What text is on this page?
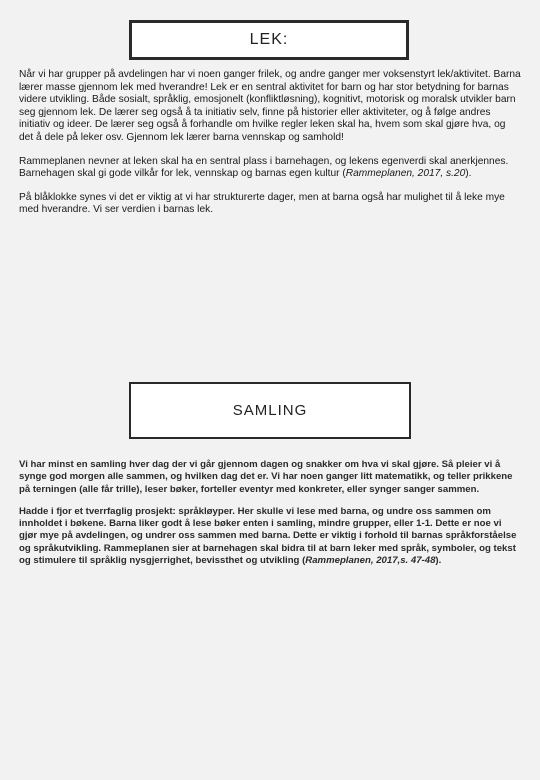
LEK:

Når vi har grupper på avdelingen har vi noen ganger frilek, og andre ganger mer voksenstyrt lek/aktivitet. Barna lærer masse gjennom lek med hverandre! Lek er en sentral aktivitet for barn og har stor betydning for barnas videre utvikling. Både sosialt, språklig, emosjonelt (konfliktløsning), kognitivt, motorisk og moralsk utvikler barn seg gjennom lek. De lærer seg også å ta initiativ selv, finne på historier eller aktiviteter, og å følge andres initiativ og ideer. De lærer seg også å forhandle om hvilke regler leken skal ha, hvem som skal gjøre hva, og det å dele på leker osv. Gjennom lek lærer barna vennskap og samhold!

Rammeplanen nevner at leken skal ha en sentral plass i barnehagen, og lekens egenverdi skal anerkjennes. Barnehagen skal gi gode vilkår for lek, vennskap og barnas egen kultur (Rammeplanen, 2017, s.20).

På blåklokke synes vi det er viktig at vi har strukturerte dager, men at barna også har mulighet til å leke mye med hverandre. Vi ser verdien i barnas lek.

SAMLING

Vi har minst en samling hver dag der vi går gjennom dagen og snakker om hva vi skal gjøre. Så pleier vi å synge god morgen alle sammen, og hvilken dag det er. Vi har noen ganger litt matematikk, og teller prikkene på terningen (alle får trille), leser bøker, forteller eventyr med konkreter, eller synger sanger sammen.

Hadde i fjor et tverrfaglig prosjekt: språkløyper. Her skulle vi lese med barna, og undre oss sammen om innholdet i bøkene. Barna liker godt å lese bøker enten i samling, mindre grupper, eller 1-1. Dette er noe vi gjør mye på avdelingen, og undrer oss sammen med barna. Dette er viktig i forhold til barnas språkforståelse og språkutvikling. Rammeplanen sier at barnehagen skal bidra til at barn leker med språk, symboler, og tekst og stimulere til språklig nysgjerrighet, bevissthet og utvikling (Rammeplanen, 2017,s. 47-48).
